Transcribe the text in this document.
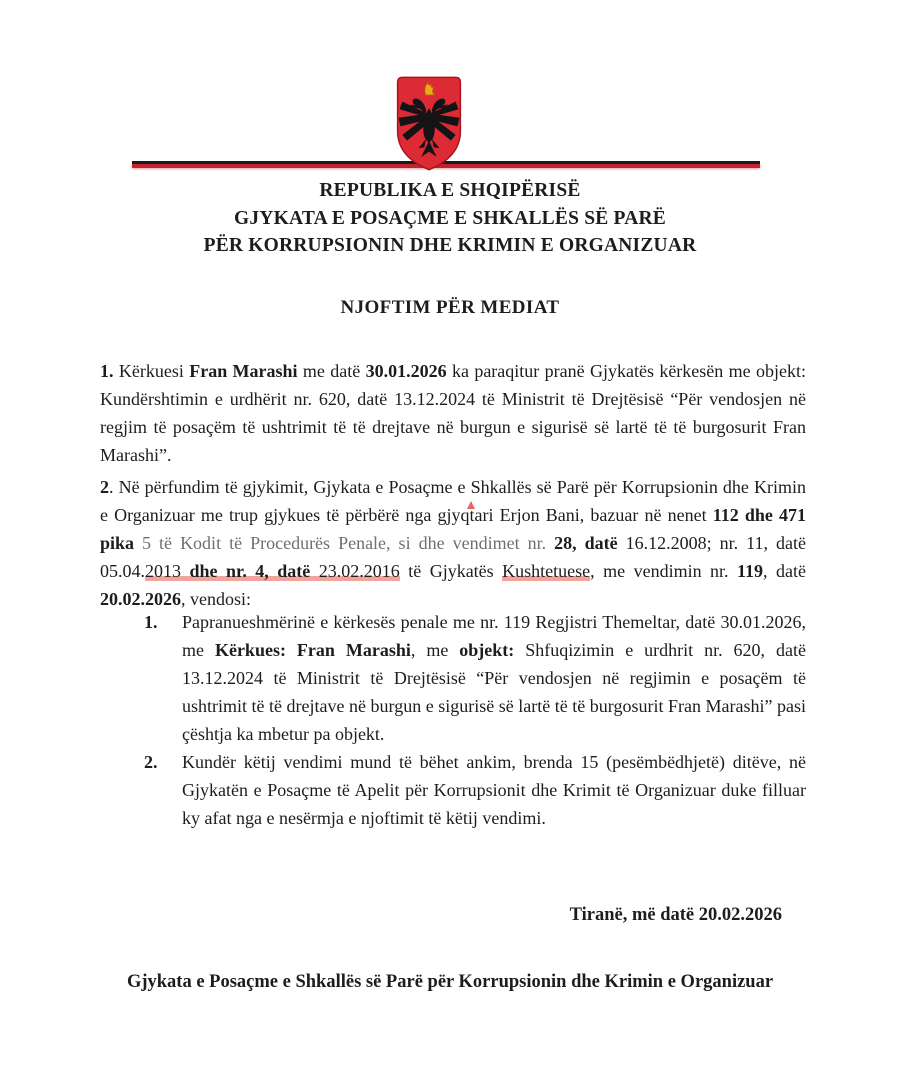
REPUBLIKA E SHQIPËRISË
GJYKATA E POSAÇME E SHKALLËS SË PARË
PËR KORRUPSIONIN DHE KRIMIN E ORGANIZUAR
NJOFTIM PËR MEDIAT
1. Kërkuesi Fran Marashi me datë 30.01.2026 ka paraqitur pranë Gjykatës kërkesën me objekt: Kundërshtimin e urdhërit nr. 620, datë 13.12.2024 të Ministrit të Drejtësisë “Për vendosjen në regjim të posaçëm të ushtrimit të të drejtave në burgun e sigurisë së lartë të të burgosurit Fran Marashi”.
2. Në përfundim të gjykimit, Gjykata e Posaçme e Shkallës së Parë për Korrupsionin dhe Krimin e Organizuar me trup gjykues të përbërë nga gjyqtari
Erjon Bani, bazuar në nenet 112 dhe 471 pika 5 të Kodit të Procedurës Penale, si dhe vendimet nr. 28, datë 16.12.2008; nr. 11, datë 05.04.2013 dhe nr. 4, datë 23.02.2016 të Gjykatës Kushtetuese, me vendimin nr. 119, datë 20.02.2026, vendosi:
1. Papranueshmërinë e kërkesës penale me nr. 119 Regjistri Themeltar, datë 30.01.2026, me Kërkues: Fran Marashi, me objekt: Shfuqizimin e urdhrit nr. 620, datë 13.12.2024 të Ministrit të Drejtësisë “Për vendosjen në regjimin e posaçëm të ushtrimit të të drejtave në burgun e sigurisë së lartë të të burgosurit Fran Marashi” pasi çështja ka mbetur pa objekt.
2. Kundër këtij vendimi mund të bëhet ankim, brenda 15 (pesëmbëdhjetë) ditëve, në Gjykatën e Posaçme të Apelit për Korrupsionit dhe Krimit të Organizuar duke filluar ky afat nga e nesërmja e njoftimit të këtij vendimi.
Tiranë, më datë 20.02.2026
Gjykata e Posaçme e Shkallës së Parë për Korrupsionin dhe Krimin e Organizuar
